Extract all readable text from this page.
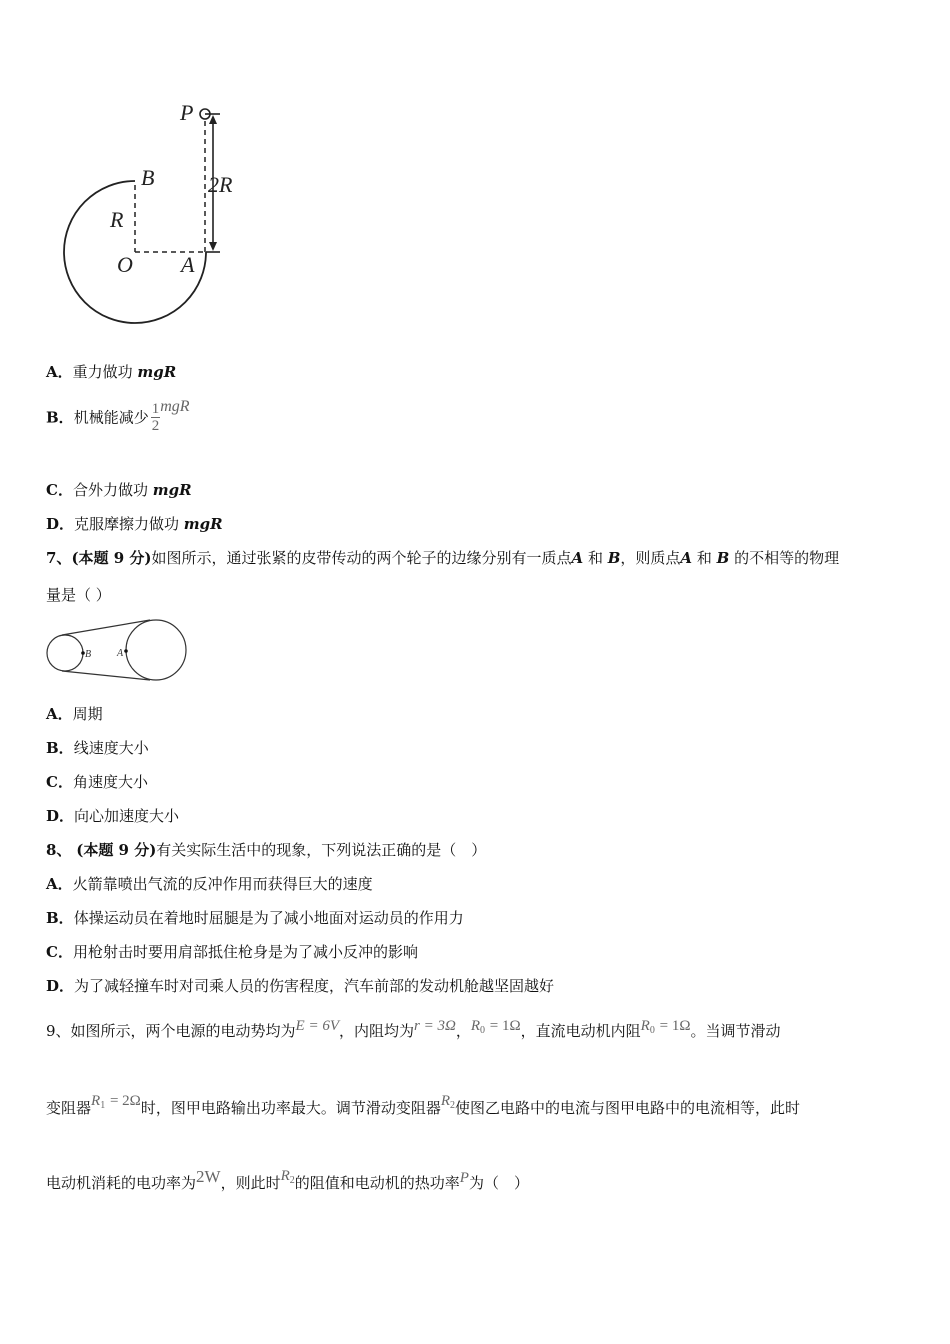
P
B
R
2R
O A
A．重力做功 mgR
B．机械能减少 $\frac{1}{2}$ mgR
C．合外力做功 mgR
D．克服摩擦力做功 mgR
7、(本题 9 分)如图所示，通过张紧的皮带传动的两个轮子的边缘分别有一质点A 和 B，则质点A 和 B 的不相等的物理
量是（ ）
B	A
A．周期
B．线速度大小
C．角速度大小
D．向心加速度大小
8、 (本题 9 分)有关实际生活中的现象，下列说法正确的是（　）
A．火箭靠喷出气流的反冲作用而获得巨大的速度
B．体操运动员在着地时屈腿是为了减小地面对运动员的作用力
C．用枪射击时要用肩部抵住枪身是为了减小反冲的影响
D．为了减轻撞车时对司乘人员的伤害程度，汽车前部的发动机舱越坚固越好
9、如图所示，两个电源的电动势均为E = 6V，内阻均为r = 3Ω，$R_0 = 1\Omega$，直流电动机内阻$R_0 = 1\Omega$。当调节滑动
变阻器$R_1 = 2\Omega$时，图甲电路输出功率最大。调节滑动变阻器$R_2$使图乙电路中的电流与图甲电路中的电流相等，此时
电动机消耗的电功率为2W，则此时$R_2$的阻值和电动机的热功率P为（　）
